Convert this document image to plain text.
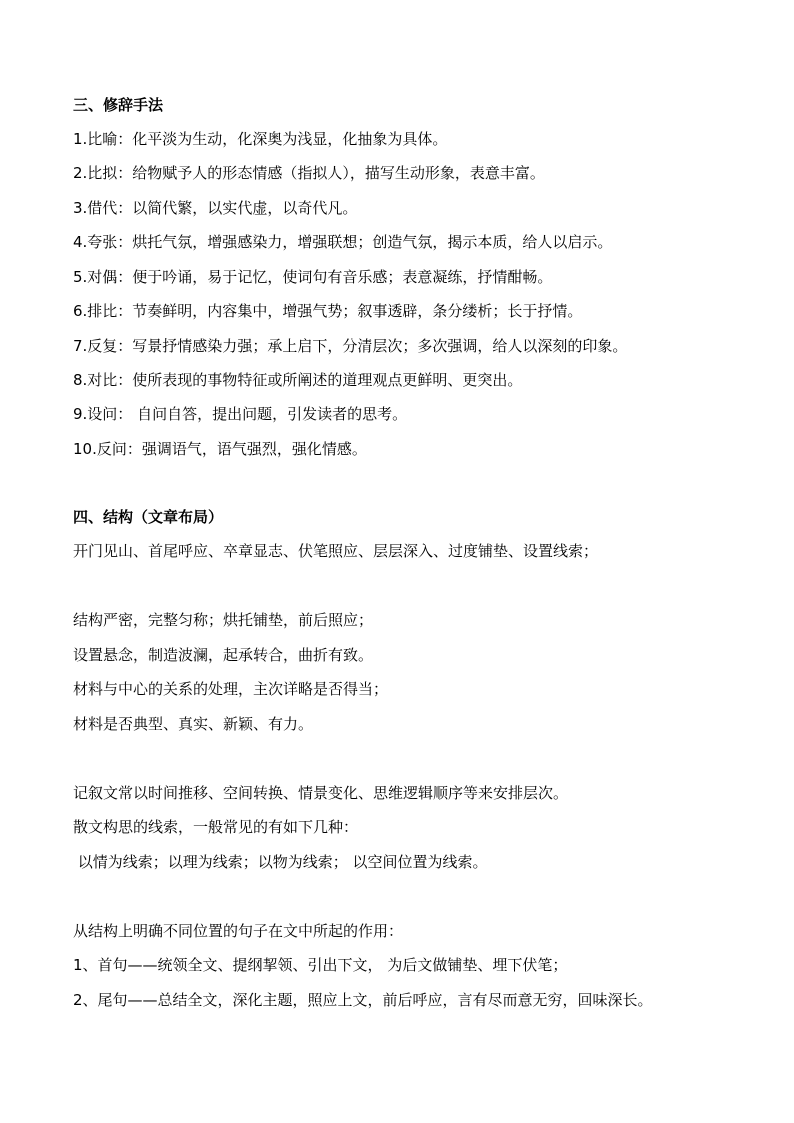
三、修辞手法
1.比喻：化平淡为生动，化深奥为浅显，化抽象为具体。
2.比拟：给物赋予人的形态情感（指拟人），描写生动形象，表意丰富。
3.借代：以简代繁，以实代虚，以奇代凡。
4.夸张：烘托气氛，增强感染力，增强联想；创造气氛，揭示本质，给人以启示。
5.对偶：便于吟诵，易于记忆，使词句有音乐感；表意凝练，抒情酣畅。
6.排比：节奏鲜明，内容集中，增强气势；叙事透辟，条分缕析；长于抒情。
7.反复：写景抒情感染力强；承上启下，分清层次；多次强调，给人以深刻的印象。
8.对比：使所表现的事物特征或所阐述的道理观点更鲜明、更突出。
9.设问： 自问自答，提出问题，引发读者的思考。
10.反问：强调语气，语气强烈，强化情感。
四、结构（文章布局）
开门见山、首尾呼应、卒章显志、伏笔照应、层层深入、过度铺垫、设置线索；
结构严密，完整匀称；烘托铺垫，前后照应；
设置悬念，制造波澜，起承转合，曲折有致。
材料与中心的关系的处理，主次详略是否得当；
材料是否典型、真实、新颖、有力。
记叙文常以时间推移、空间转换、情景变化、思维逻辑顺序等来安排层次。
散文构思的线索，一般常见的有如下几种：
以情为线索；以理为线索；以物为线索； 以空间位置为线索。
从结构上明确不同位置的句子在文中所起的作用：
1、首句——统领全文、提纲挈领、引出下文， 为后文做铺垫、埋下伏笔；
2、尾句——总结全文，深化主题，照应上文，前后呼应，言有尽而意无穷，回味深长。
